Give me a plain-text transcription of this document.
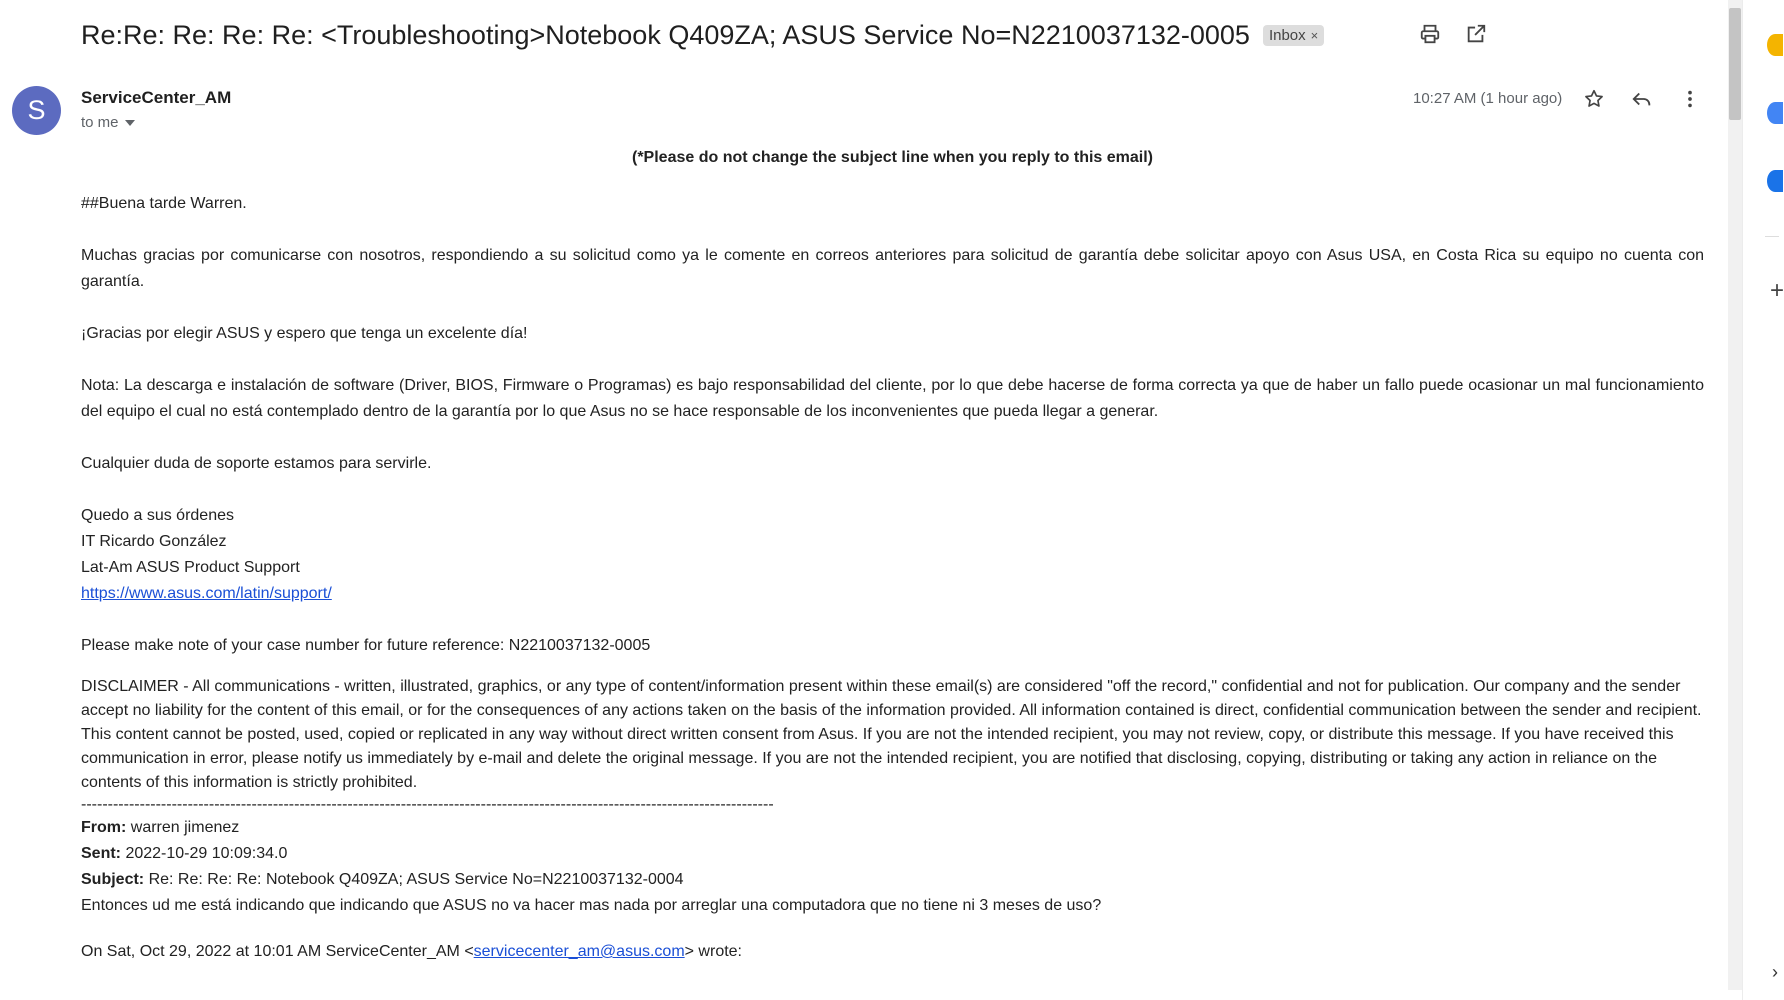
Re:Re: Re: Re: Re: <Troubleshooting>Notebook Q409ZA; ASUS Service No=N2210037132-0005 Inbox ×
+
›
S	ServiceCenter_AM
to me
10:27 AM (1 hour ago)

(*Please do not change the subject line when you reply to this email)

##Buena tarde Warren.

Muchas gracias por comunicarse con nosotros, respondiendo a su solicitud como ya le comente en correos anteriores para solicitud de garantía debe solicitar apoyo con Asus USA, en Costa Rica su equipo no cuenta con garantía.

¡Gracias por elegir ASUS y espero que tenga un excelente día!

Nota: La descarga e instalación de software (Driver, BIOS, Firmware o Programas) es bajo responsabilidad del cliente, por lo que debe hacerse de forma correcta ya que de haber un fallo puede ocasionar un mal funcionamiento del equipo el cual no está contemplado dentro de la garantía por lo que Asus no se hace responsable de los inconvenientes que pueda llegar a generar.

Cualquier duda de soporte estamos para servirle.

Quedo a sus órdenes

IT Ricardo González

Lat-Am ASUS Product Support

https://www.asus.com/latin/support/

Please make note of your case number for future reference: N2210037132-0005

DISCLAIMER - All communications - written, illustrated, graphics, or any type of content/information present within these email(s) are considered "off the record," confidential and not for publication. Our company and the sender accept no liability for the content of this email, or for the consequences of any actions taken on the basis of the information provided. All information contained is direct, confidential communication between the sender and recipient. This content cannot be posted, used, copied or replicated in any way without direct written consent from Asus. If you are not the intended recipient, you may not review, copy, or distribute this message. If you have received this communication in error, please notify us immediately by e-mail and delete the original message. If you are not the intended recipient, you are notified that disclosing, copying, distributing or taking any action in reliance on the contents of this information is strictly prohibited.

----------------------------------------------------------------------------------------------------------------------------------

From: warren jimenez

Sent: 2022-10-29 10:09:34.0

Subject: Re: Re: Re: Re: Notebook Q409ZA; ASUS Service No=N2210037132-0004

Entonces ud me está indicando que indicando que ASUS no va hacer mas nada por arreglar una computadora que no tiene ni 3 meses de uso?

On Sat, Oct 29, 2022 at 10:01 AM ServiceCenter_AM <servicecenter_am@asus.com> wrote:
